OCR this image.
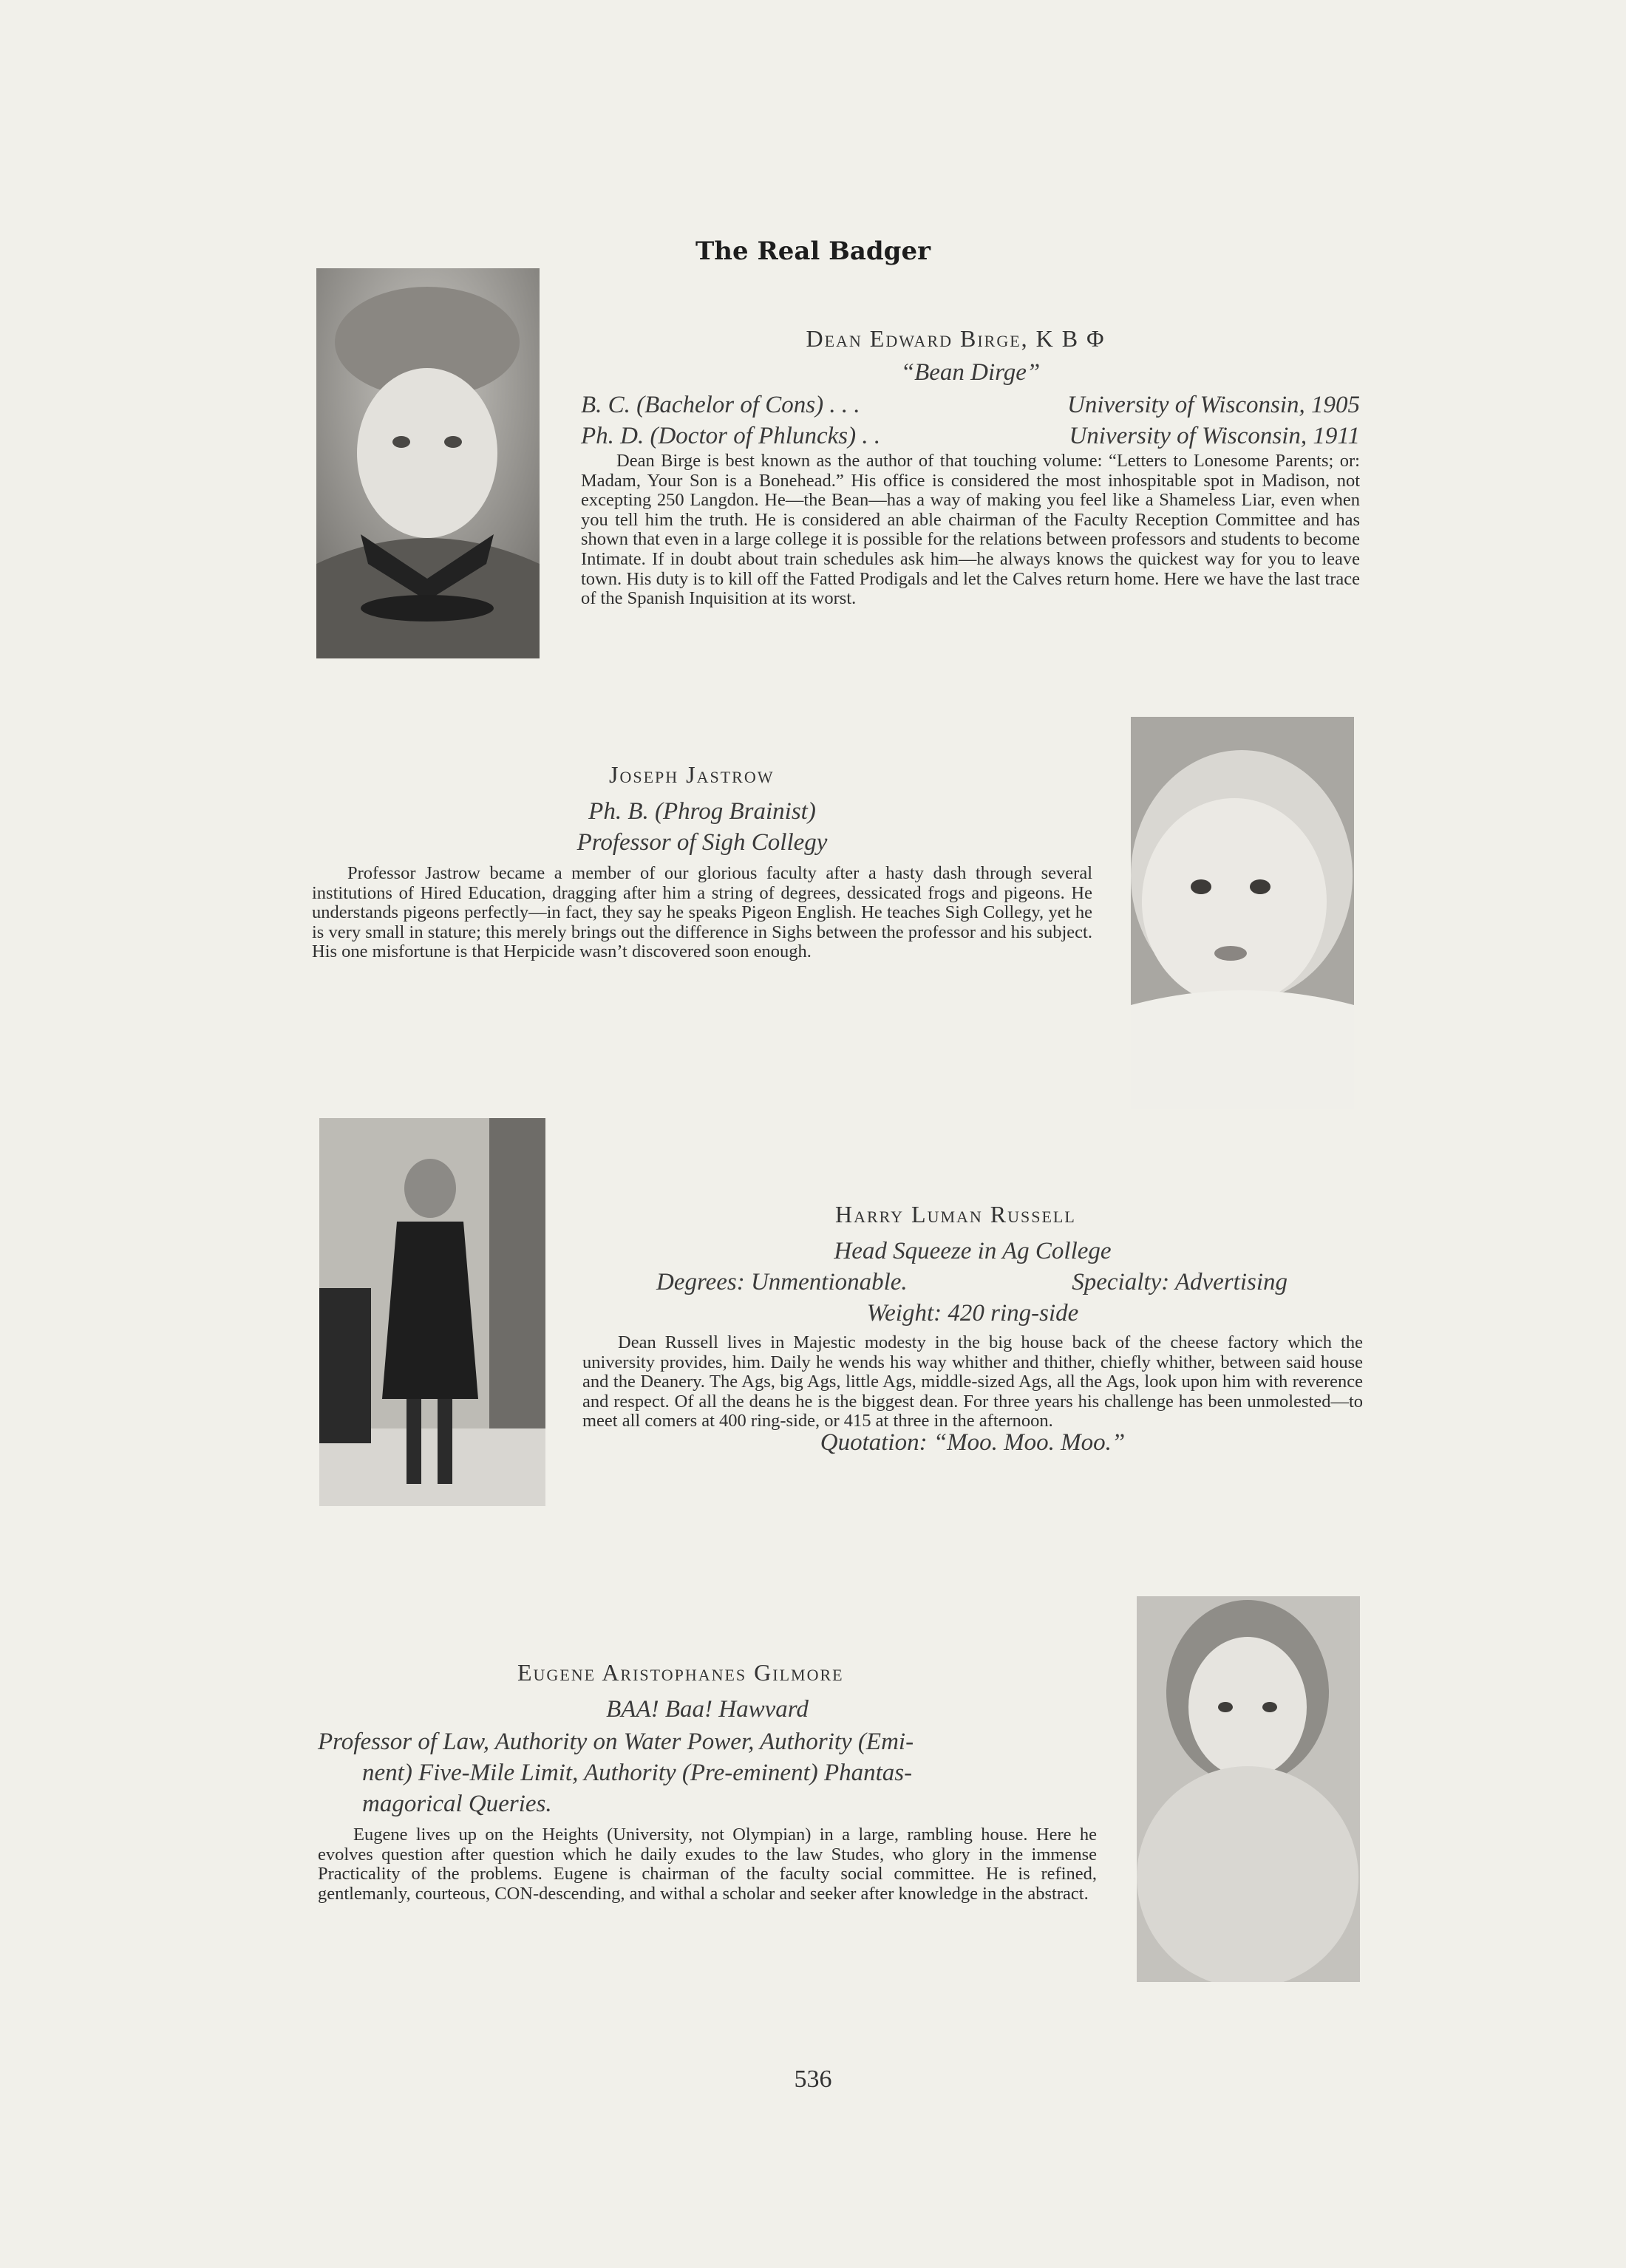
The Real Badger
Dean Edward Birge, K B Φ
“Bean Dirge”
B. C. (Bachelor of Cons) . . .	University of Wisconsin, 1905
Ph. D. (Doctor of Phluncks) . .	University of Wisconsin, 1911

Dean Birge is best known as the author of that touching volume: “Letters to Lonesome Parents; or: Madam, Your Son is a Bonehead.” His office is considered the most inhospitable spot in Madison, not excepting 250 Langdon. He—the Bean—has a way of making you feel like a Shameless Liar, even when you tell him the truth. He is considered an able chairman of the Faculty Reception Committee and has shown that even in a large college it is possible for the relations between professors and students to become Intimate. If in doubt about train schedules ask him—he always knows the quickest way for you to leave town. His duty is to kill off the Fatted Prodigals and let the Calves return home. Here we have the last trace of the Spanish Inquisition at its worst.

Joseph Jastrow
Ph. B. (Phrog Brainist)
Professor of Sigh Collegy

Professor Jastrow became a member of our glorious faculty after a hasty dash through several institutions of Hired Education, dragging after him a string of degrees, dessicated frogs and pigeons. He understands pigeons perfectly—in fact, they say he speaks Pigeon English. He teaches Sigh Collegy, yet he is very small in stature; this merely brings out the difference in Sighs between the professor and his subject. His one misfortune is that Herpicide wasn’t discovered soon enough.

Harry Luman Russell
Head Squeeze in Ag College
Degrees: Unmentionable.	Specialty: Advertising
Weight: 420 ring-side

Dean Russell lives in Majestic modesty in the big house back of the cheese factory which the university provides, him. Daily he wends his way whither and thither, chiefly whither, between said house and the Deanery. The Ags, big Ags, little Ags, middle-sized Ags, all the Ags, look upon him with reverence and respect. Of all the deans he is the biggest dean. For three years his challenge has been unmolested—to meet all comers at 400 ring-side, or 415 at three in the afternoon.

Quotation: “Moo. Moo. Moo.”
Eugene Aristophanes Gilmore
BAA! Baa! Hawvard
Professor of Law, Authority on Water Power, Authority (Emi-
nent) Five-Mile Limit, Authority (Pre-eminent) Phantas-
magorical Queries.

Eugene lives up on the Heights (University, not Olympian) in a large, rambling house. Here he evolves question after question which he daily exudes to the law Studes, who glory in the immense Practicality of the problems. Eugene is chairman of the faculty social committee. He is refined, gentlemanly, courteous, CON-descending, and withal a scholar and seeker after knowledge in the abstract.

536
